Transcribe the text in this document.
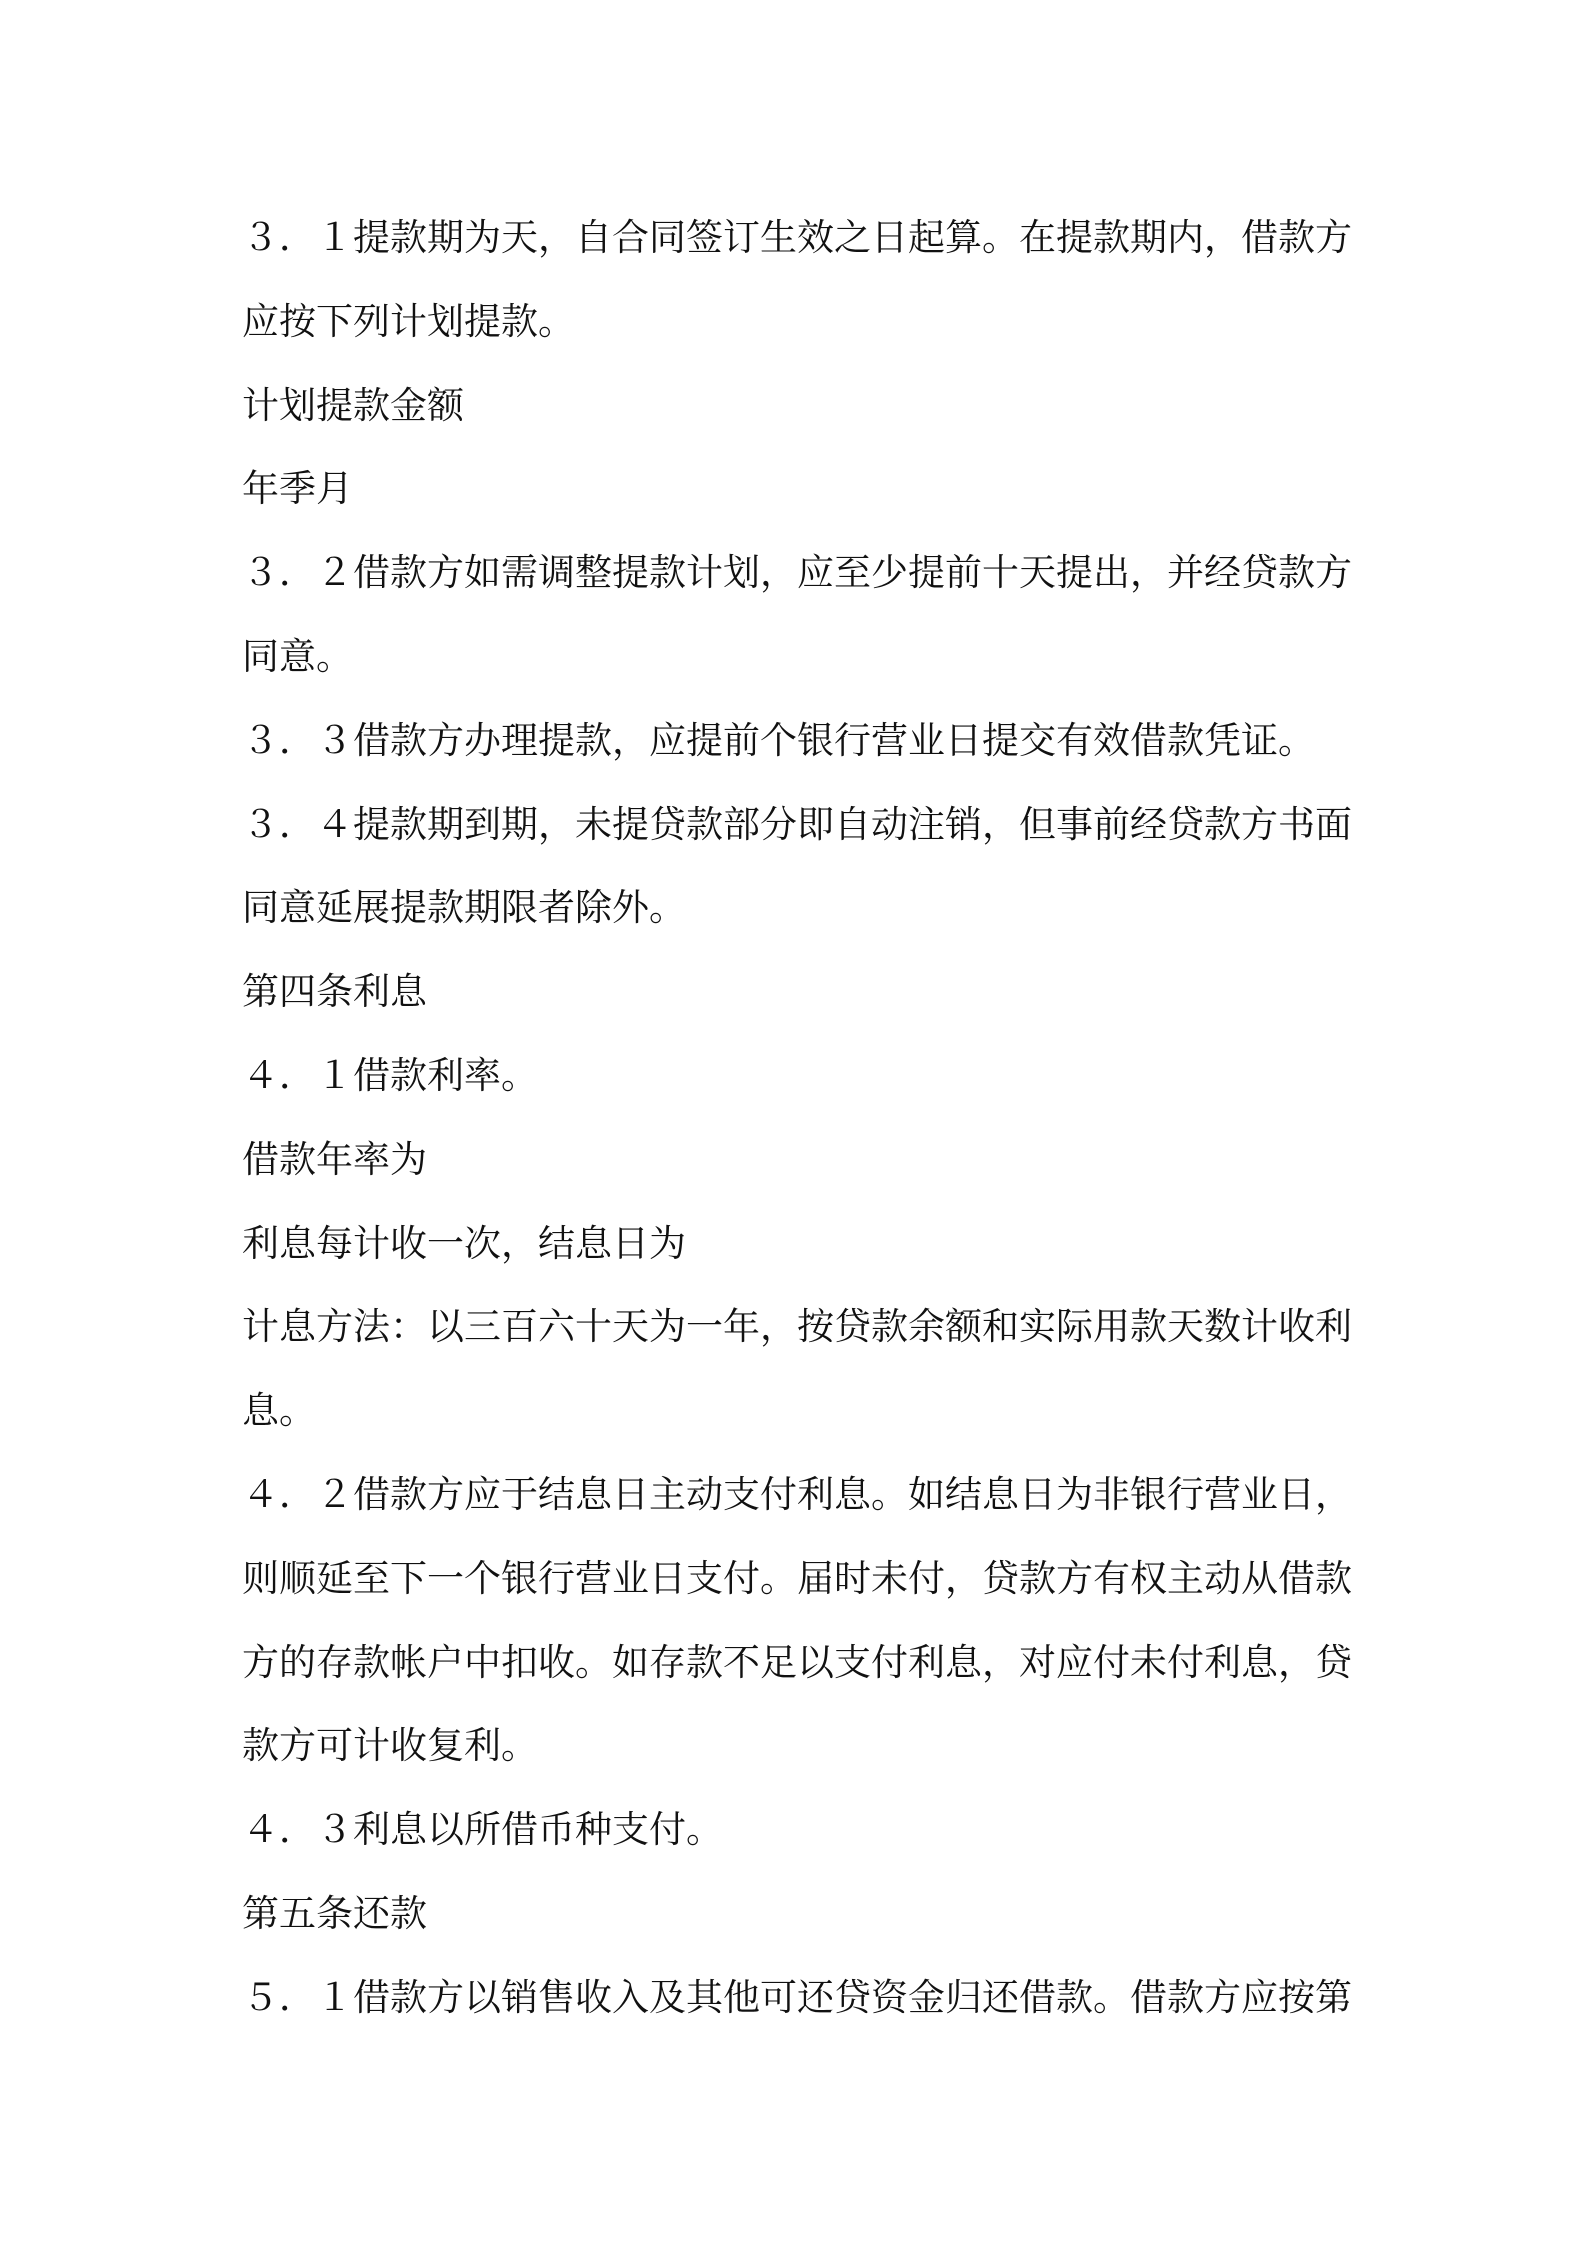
３．１提款期为天，自合同签订生效之日起算。在提款期内，借款方
应按下列计划提款。
计划提款金额
年季月
３．２借款方如需调整提款计划，应至少提前十天提出，并经贷款方
同意。
３．３借款方办理提款，应提前个银行营业日提交有效借款凭证。
３．４提款期到期，未提贷款部分即自动注销，但事前经贷款方书面
同意延展提款期限者除外。
第四条利息
４．１借款利率。
借款年率为
利息每计收一次，结息日为
计息方法：以三百六十天为一年，按贷款余额和实际用款天数计收利
息。
４．２借款方应于结息日主动支付利息。如结息日为非银行营业日，
则顺延至下一个银行营业日支付。届时未付，贷款方有权主动从借款
方的存款帐户中扣收。如存款不足以支付利息，对应付未付利息，贷
款方可计收复利。
４．３利息以所借币种支付。
第五条还款
５．１借款方以销售收入及其他可还贷资金归还借款。借款方应按第
